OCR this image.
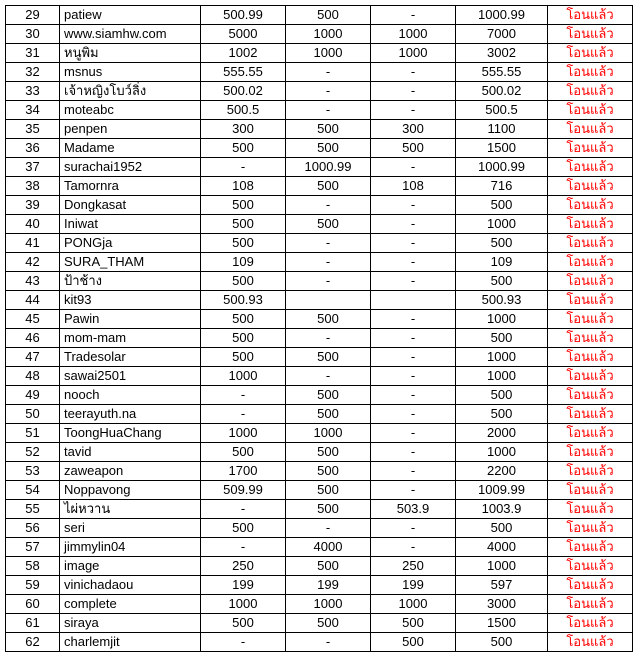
29	patiew	500.99	500	-	1000.99	โอนแล้ว
30	www.siamhw.com	5000	1000	1000	7000	โอนแล้ว
31	หนูพิม	1002	1000	1000	3002	โอนแล้ว
32	msnus	555.55	-	-	555.55	โอนแล้ว
33	เจ้าหญิงโบว์ลิ่ง	500.02	-	-	500.02	โอนแล้ว
34	moteabc	500.5	-	-	500.5	โอนแล้ว
35	penpen	300	500	300	1100	โอนแล้ว
36	Madame	500	500	500	1500	โอนแล้ว
37	surachai1952	-	1000.99	-	1000.99	โอนแล้ว
38	Tamornra	108	500	108	716	โอนแล้ว
39	Dongkasat	500	-	-	500	โอนแล้ว
40	Iniwat	500	500	-	1000	โอนแล้ว
41	PONGja	500	-	-	500	โอนแล้ว
42	SURA_THAM	109	-	-	109	โอนแล้ว
43	ป้าช้าง	500	-	-	500	โอนแล้ว
44	kit93	500.93			500.93	โอนแล้ว
45	Pawin	500	500	-	1000	โอนแล้ว
46	mom-mam	500	-	-	500	โอนแล้ว
47	Tradesolar	500	500	-	1000	โอนแล้ว
48	sawai2501	1000	-	-	1000	โอนแล้ว
49	nooch	-	500	-	500	โอนแล้ว
50	teerayuth.na	-	500	-	500	โอนแล้ว
51	ToongHuaChang	1000	1000	-	2000	โอนแล้ว
52	tavid	500	500	-	1000	โอนแล้ว
53	zaweapon	1700	500	-	2200	โอนแล้ว
54	Noppavong	509.99	500	-	1009.99	โอนแล้ว
55	ไผ่หวาน	-	500	503.9	1003.9	โอนแล้ว
56	seri	500	-	-	500	โอนแล้ว
57	jimmylin04	-	4000	-	4000	โอนแล้ว
58	image	250	500	250	1000	โอนแล้ว
59	vinichadaou	199	199	199	597	โอนแล้ว
60	complete	1000	1000	1000	3000	โอนแล้ว
61	siraya	500	500	500	1500	โอนแล้ว
62	charlemjit	-	-	500	500	โอนแล้ว
